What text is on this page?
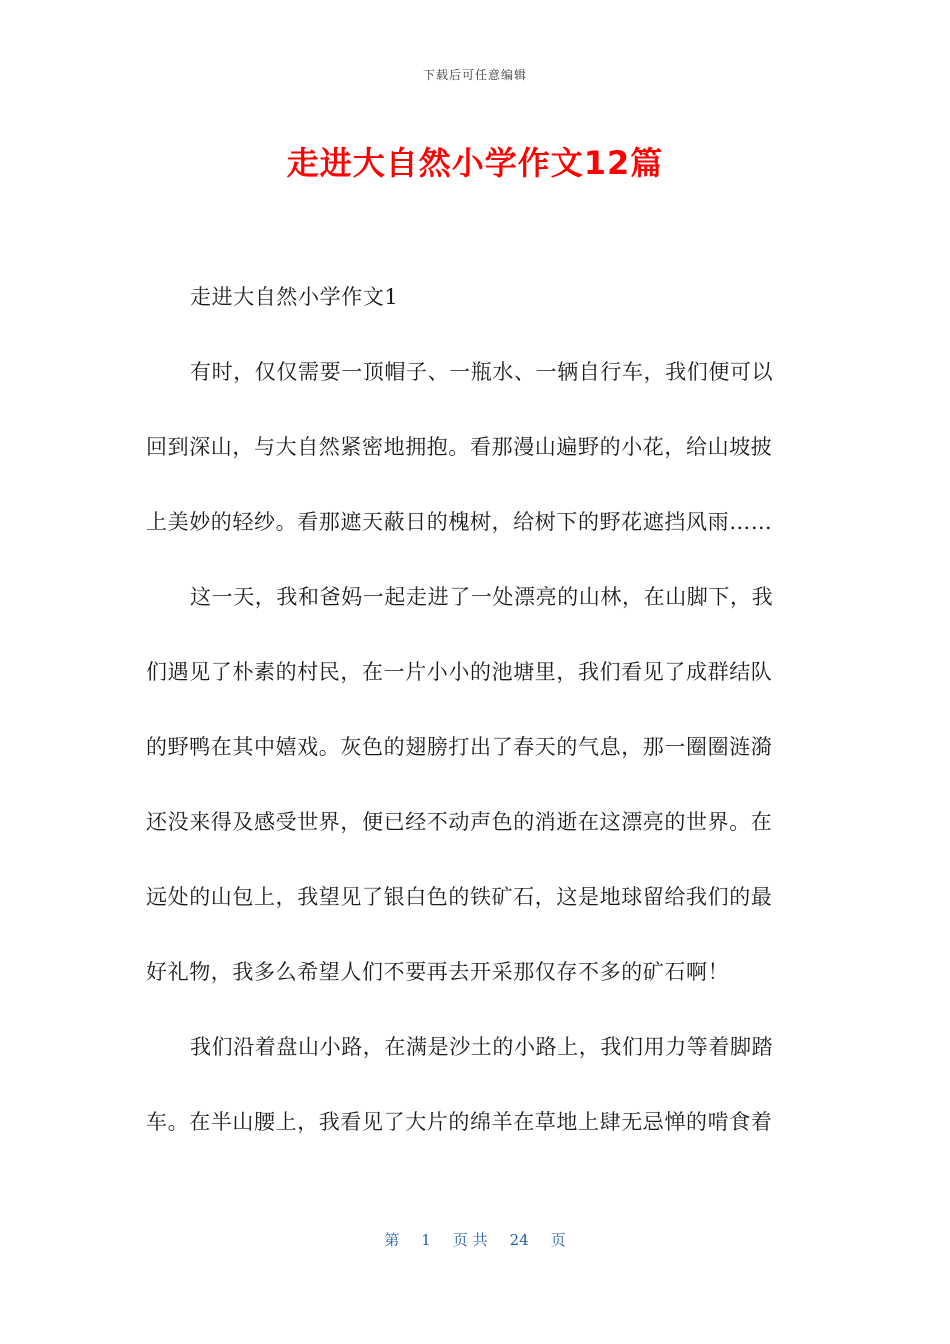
下载后可任意编辑
走进大自然小学作文12篇
走进大自然小学作文1
有时，仅仅需要一顶帽子、一瓶水、一辆自行车，我们便可以
回到深山，与大自然紧密地拥抱。看那漫山遍野的小花，给山坡披
上美妙的轻纱。看那遮天蔽日的槐树，给树下的野花遮挡风雨……
这一天，我和爸妈一起走进了一处漂亮的山林，在山脚下，我
们遇见了朴素的村民，在一片小小的池塘里，我们看见了成群结队
的野鸭在其中嬉戏。灰色的翅膀打出了春天的气息，那一圈圈涟漪
还没来得及感受世界，便已经不动声色的消逝在这漂亮的世界。在
远处的山包上，我望见了银白色的铁矿石，这是地球留给我们的最
好礼物，我多么希望人们不要再去开采那仅存不多的矿石啊！
我们沿着盘山小路，在满是沙土的小路上，我们用力等着脚踏
车。在半山腰上，我看见了大片的绵羊在草地上肆无忌惮的啃食着
第 1 页 共 24 页
